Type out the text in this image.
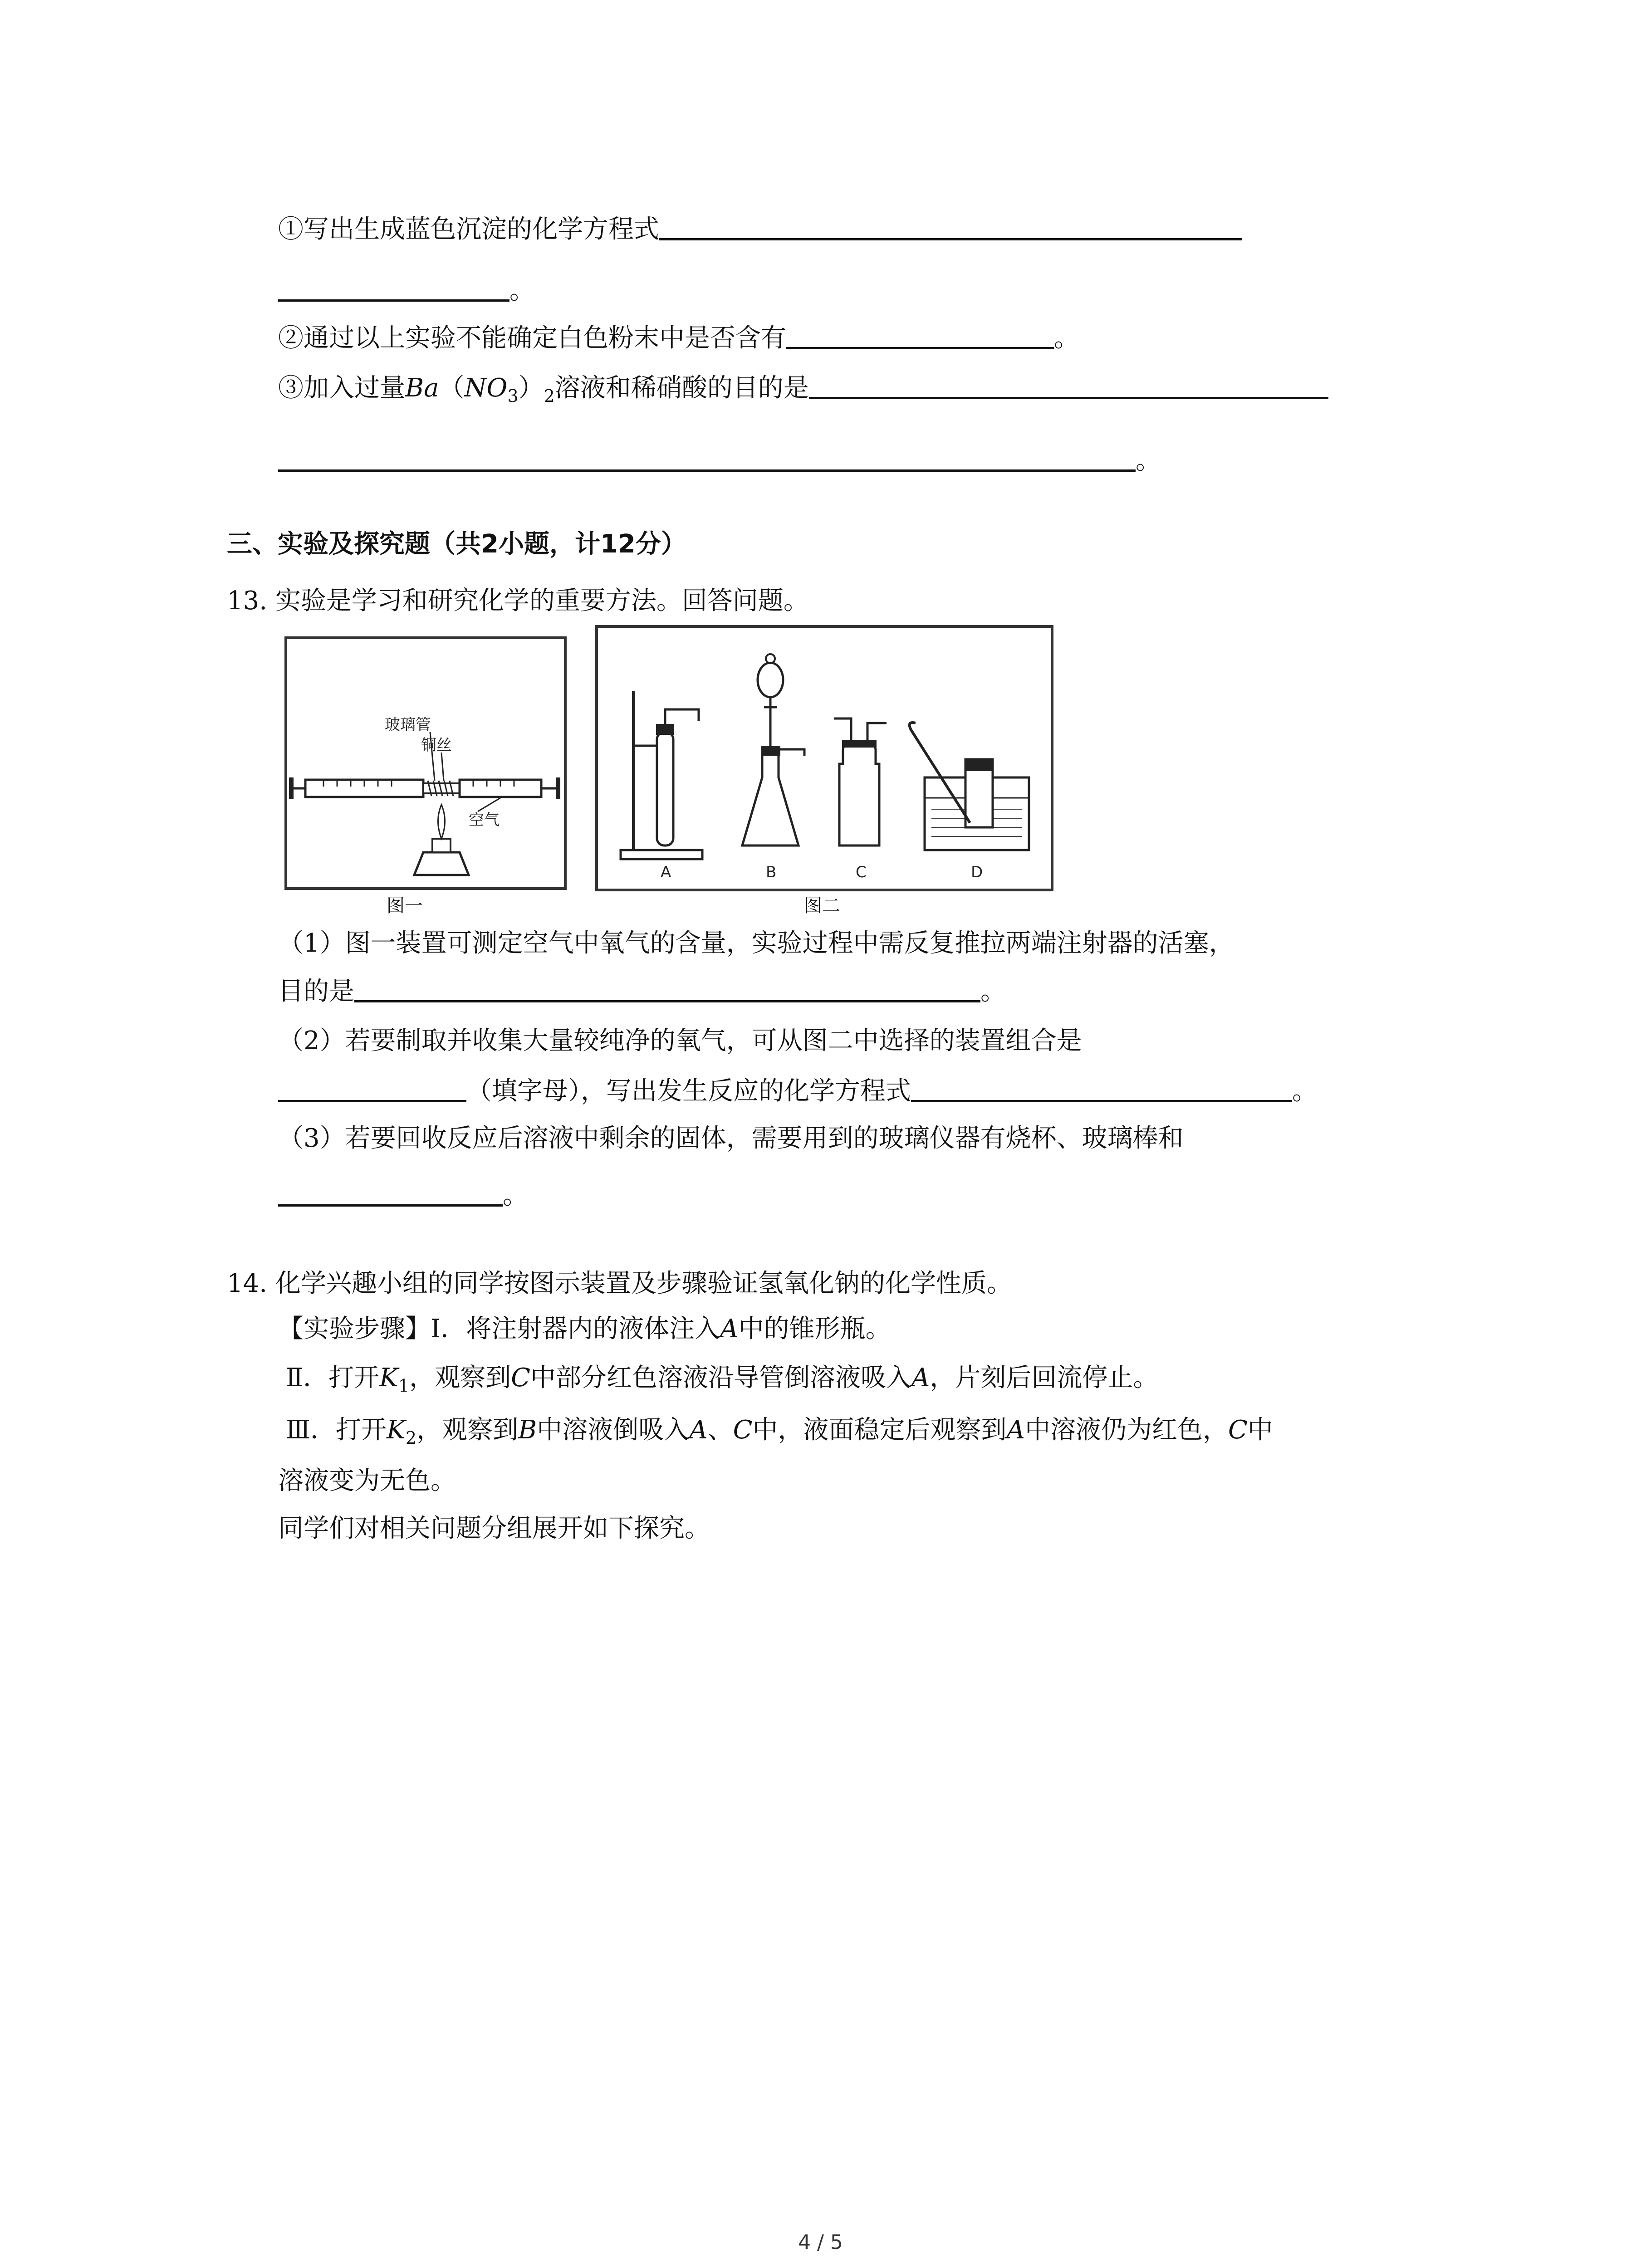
①写出生成蓝色沉淀的化学方程式
。
②通过以上实验不能确定白色粉末中是否含有	。
③加入过量$Ba(NO_3)_2$溶液和稀硝酸的目的是
。
三、实验及探究题（共2小题，计12分）
13. 实验是学习和研究化学的重要方法。回答问题。
玻璃管
铜丝
空气
图一
A	B	C	D
图二
（1）图一装置可测定空气中氧气的含量，实验过程中需反复推拉两端注射器的活塞，
目的是	。
（2）若要制取并收集大量较纯净的氧气，可从图二中选择的装置组合是
（填字母），写出发生反应的化学方程式	。
（3）若要回收反应后溶液中剩余的固体，需要用到的玻璃仪器有烧杯、玻璃棒和
。
14. 化学兴趣小组的同学按图示装置及步骤验证氢氧化钠的化学性质。
【实验步骤】Ⅰ．将注射器内的液体注入A中的锥形瓶。
Ⅱ．打开$K_1$，观察到C中部分红色溶液沿导管倒溶液吸入A，片刻后回流停止。
Ⅲ．打开$K_2$，观察到B中溶液倒吸入A、C中，液面稳定后观察到A中溶液仍为红色，C中
溶液变为无色。
同学们对相关问题分组展开如下探究。
4 / 5
